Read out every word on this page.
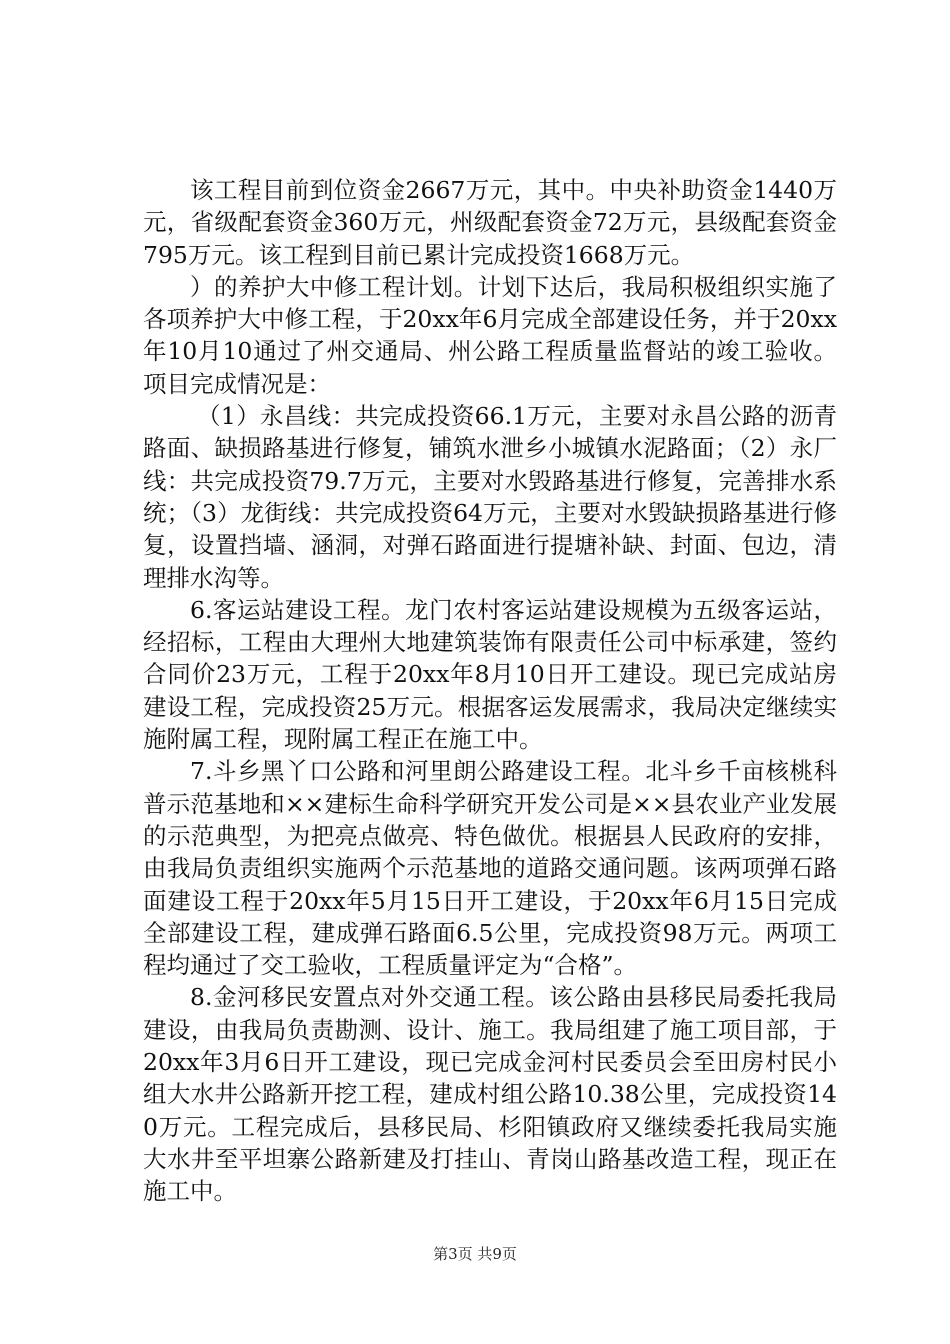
该工程目前到位资金2667万元，其中。中央补助资金1440万元，省级配套资金360万元，州级配套资金72万元，县级配套资金795万元。该工程到目前已累计完成投资1668万元。

）的养护大中修工程计划。计划下达后，我局积极组织实施了各项养护大中修工程，于20xx年6月完成全部建设任务，并于20xx年10月10通过了州交通局、州公路工程质量监督站的竣工验收。项目完成情况是：

（1）永昌线：共完成投资66.1万元，主要对永昌公路的沥青路面、缺损路基进行修复，铺筑水泄乡小城镇水泥路面；（2）永厂线：共完成投资79.7万元，主要对水毁路基进行修复，完善排水系统；（3）龙街线：共完成投资64万元，主要对水毁缺损路基进行修复，设置挡墙、涵洞，对弹石路面进行提塘补缺、封面、包边，清理排水沟等。

6.客运站建设工程。龙门农村客运站建设规模为五级客运站，经招标，工程由大理州大地建筑装饰有限责任公司中标承建，签约合同价23万元，工程于20xx年8月10日开工建设。现已完成站房建设工程，完成投资25万元。根据客运发展需求，我局决定继续实施附属工程，现附属工程正在施工中。

7.斗乡黑丫口公路和河里朗公路建设工程。北斗乡千亩核桃科普示范基地和××建标生命科学研究开发公司是××县农业产业发展的示范典型，为把亮点做亮、特色做优。根据县人民政府的安排，由我局负责组织实施两个示范基地的道路交通问题。该两项弹石路面建设工程于20xx年5月15日开工建设，于20xx年6月15日完成全部建设工程，建成弹石路面6.5公里，完成投资98万元。两项工程均通过了交工验收，工程质量评定为“合格”。

8.金河移民安置点对外交通工程。该公路由县移民局委托我局建设，由我局负责勘测、设计、施工。我局组建了施工项目部，于20xx年3月6日开工建设，现已完成金河村民委员会至田房村民小组大水井公路新开挖工程，建成村组公路10.38公里，完成投资140万元。工程完成后，县移民局、杉阳镇政府又继续委托我局实施大水井至平坦寨公路新建及打挂山、青岗山路基改造工程，现正在施工中。

第3页 共9页
